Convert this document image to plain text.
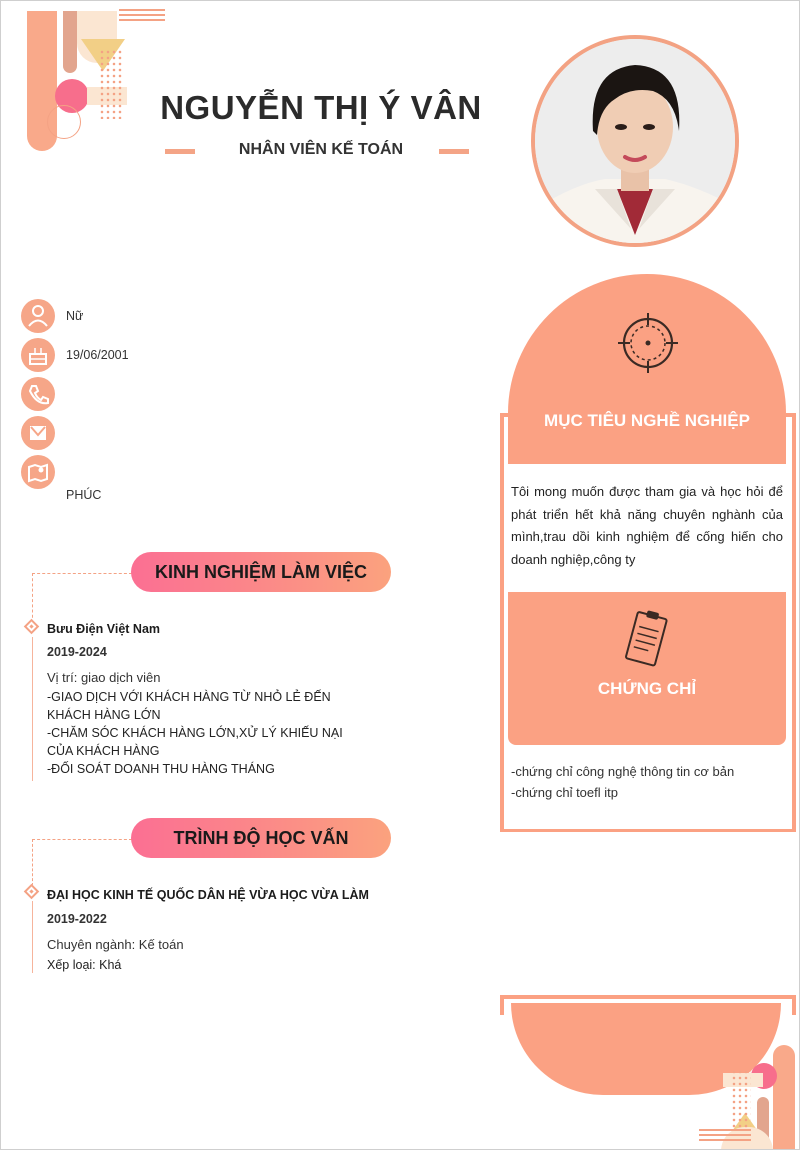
NGUYỄN THỊ Ý VÂN
NHÂN VIÊN KẾ TOÁN
Nữ
19/06/2001
PHÚC
KINH NGHIỆM LÀM VIỆC
Bưu Điện Việt Nam
2019-2024
Vị trí: giao dịch viên
-GIAO DỊCH VỚI KHÁCH HÀNG TỪ NHỎ LẺ ĐẾN KHÁCH HÀNG LỚN
-CHĂM SÓC KHÁCH HÀNG LỚN,XỬ LÝ KHIẾU NẠI CỦA KHÁCH HÀNG
-ĐỐI SOÁT DOANH THU HÀNG THÁNG
TRÌNH ĐỘ HỌC VẤN
ĐẠI HỌC KINH TẾ QUỐC DÂN HỆ VỪA HỌC VỪA LÀM
2019-2022
Chuyên ngành: Kế toán
Xếp loại: Khá
MỤC TIÊU NGHỀ NGHIỆP
Tôi mong muốn được tham gia và học hỏi để phát triển hết khả năng chuyên nghành của mình,trau dồi kinh nghiệm để cống hiến cho doanh nghiệp,công ty
CHỨNG CHỈ
-chứng chỉ công nghệ thông tin cơ bản
-chứng chỉ toefl itp
